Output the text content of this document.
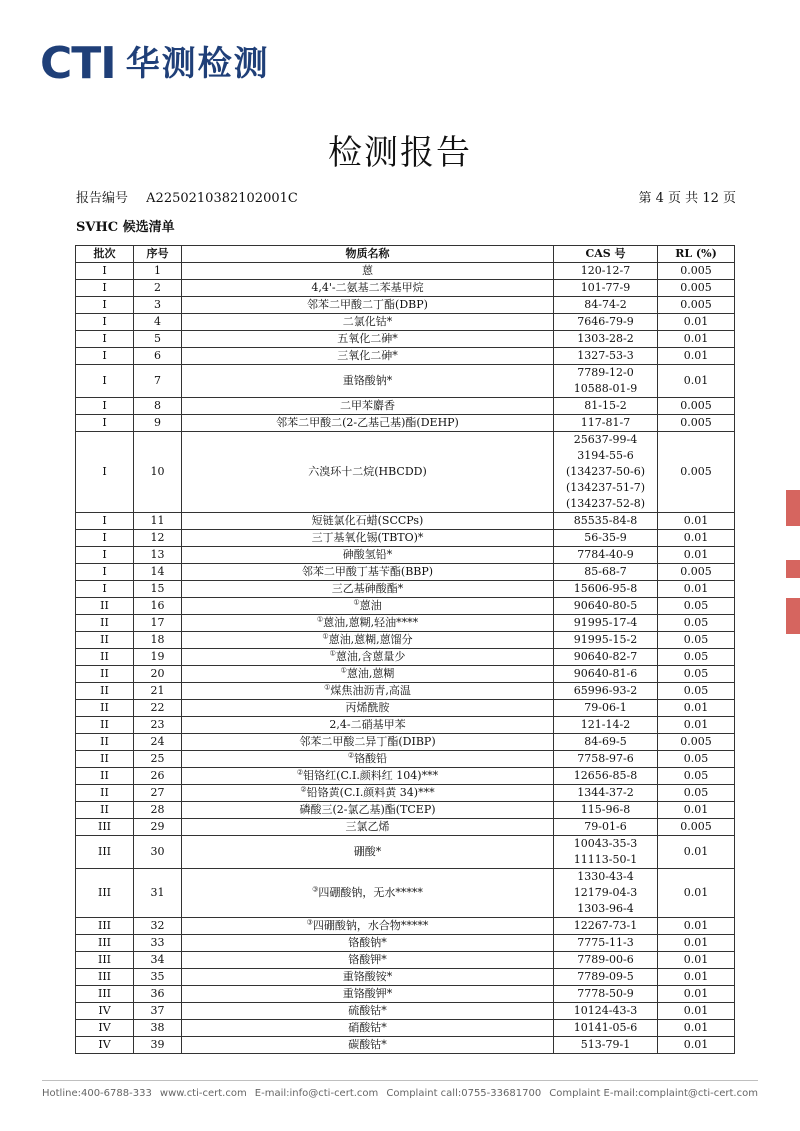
CTI 华测检测
检测报告
报告编号 A2250210382102001C	第 4 页 共 12 页
SVHC 候选清单
批次	序号	物质名称	CAS 号	RL (%)
I	1	蒽	120-12-7	0.005
I	2	4,4'-二氨基二苯基甲烷	101-77-9	0.005
I	3	邻苯二甲酸二丁酯(DBP)	84-74-2	0.005
I	4	二氯化钴*	7646-79-9	0.01
I	5	五氧化二砷*	1303-28-2	0.01
I	6	三氧化二砷*	1327-53-3	0.01
I	7	重铬酸钠*	7789-12-0
10588-01-9	0.01
I	8	二甲苯麝香	81-15-2	0.005
I	9	邻苯二甲酸二(2-乙基己基)酯(DEHP)	117-81-7	0.005
I	10	六溴环十二烷(HBCDD)	25637-99-4
3194-55-6
(134237-50-6)
(134237-51-7)
(134237-52-8)	0.005
I	11	短链氯化石蜡(SCCPs)	85535-84-8	0.01
I	12	三丁基氧化锡(TBTO)*	56-35-9	0.01
I	13	砷酸氢铅*	7784-40-9	0.01
I	14	邻苯二甲酸丁基苄酯(BBP)	85-68-7	0.005
I	15	三乙基砷酸酯*	15606-95-8	0.01
II	16	①蒽油	90640-80-5	0.05
II	17	①蒽油,蒽糊,轻油****	91995-17-4	0.05
II	18	①蒽油,蒽糊,蒽馏分	91995-15-2	0.05
II	19	①蒽油,含蒽量少	90640-82-7	0.05
II	20	①蒽油,蒽糊	90640-81-6	0.05
II	21	①煤焦油沥青,高温	65996-93-2	0.05
II	22	丙烯酰胺	79-06-1	0.01
II	23	2,4-二硝基甲苯	121-14-2	0.01
II	24	邻苯二甲酸二异丁酯(DIBP)	84-69-5	0.005
II	25	②铬酸铅	7758-97-6	0.05
II	26	②钼铬红(C.I.颜料红 104)***	12656-85-8	0.05
II	27	②铅铬黄(C.I.颜料黄 34)***	1344-37-2	0.05
II	28	磷酸三(2-氯乙基)酯(TCEP)	115-96-8	0.01
III	29	三氯乙烯	79-01-6	0.005
III	30	硼酸*	10043-35-3
11113-50-1	0.01
III	31	③四硼酸钠，无水*****	1330-43-4
12179-04-3
1303-96-4	0.01
III	32	③四硼酸钠，水合物*****	12267-73-1	0.01
III	33	铬酸钠*	7775-11-3	0.01
III	34	铬酸钾*	7789-00-6	0.01
III	35	重铬酸铵*	7789-09-5	0.01
III	36	重铬酸钾*	7778-50-9	0.01
IV	37	硫酸钴*	10124-43-3	0.01
IV	38	硝酸钴*	10141-05-6	0.01
IV	39	碳酸钴*	513-79-1	0.01
Hotline:400-6788-333 www.cti-cert.com E-mail:info@cti-cert.com Complaint call:0755-33681700 Complaint E-mail:complaint@cti-cert.com
